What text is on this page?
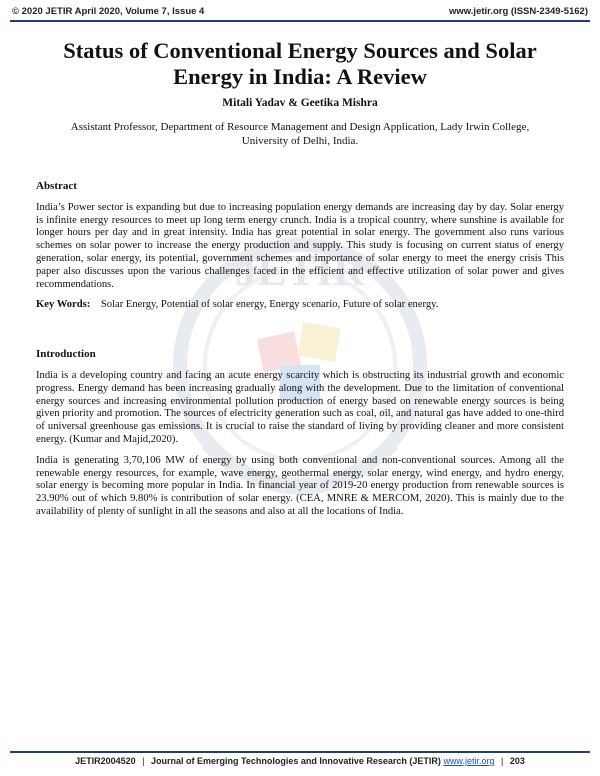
© 2020 JETIR April 2020, Volume 7, Issue 4	www.jetir.org (ISSN-2349-5162)
JETIR
Status of Conventional Energy Sources and Solar
Energy in India: A Review
Mitali Yadav & Geetika Mishra
Assistant Professor, Department of Resource Management and Design Application, Lady Irwin College,
University of Delhi, India.
Abstract

India’s Power sector is expanding but due to increasing population energy demands are increasing day by day. Solar energy is infinite energy resources to meet up long term energy crunch. India is a tropical country, where sunshine is available for longer hours per day and in great intensity. India has great potential in solar energy. The government also runs various schemes on solar power to increase the energy production and supply. This study is focusing on current status of energy generation, solar energy, its potential, government schemes and importance of solar energy to meet the energy crisis This paper also discusses upon the various challenges faced in the efficient and effective utilization of solar power and gives recommendations.

Key Words: Solar Energy, Potential of solar energy, Energy scenario, Future of solar energy.
Introduction

India is a developing country and facing an acute energy scarcity which is obstructing its industrial growth and economic progress. Energy demand has been increasing gradually along with the development. Due to the limitation of conventional energy sources and increasing environmental pollution production of energy based on renewable energy sources is being given priority and promotion. The sources of electricity generation such as coal, oil, and natural gas have added to one-third of universal greenhouse gas emissions. It is crucial to raise the standard of living by providing cleaner and more consistent energy. (Kumar and Majid,2020).

India is generating 3,70,106 MW of energy by using both conventional and non-conventional sources. Among all the renewable energy resources, for example, wave energy, geothermal energy, solar energy, wind energy, and hydro energy, solar energy is becoming more popular in India. In financial year of 2019-20 energy production from renewable sources is 23.90% out of which 9.80% is contribution of solar energy. (CEA, MNRE & MERCOM, 2020). This is mainly due to the availability of plenty of sunlight in all the seasons and also at all the locations of India.

JETIR2004520 | Journal of Emerging Technologies and Innovative Research (JETIR) www.jetir.org | 203
